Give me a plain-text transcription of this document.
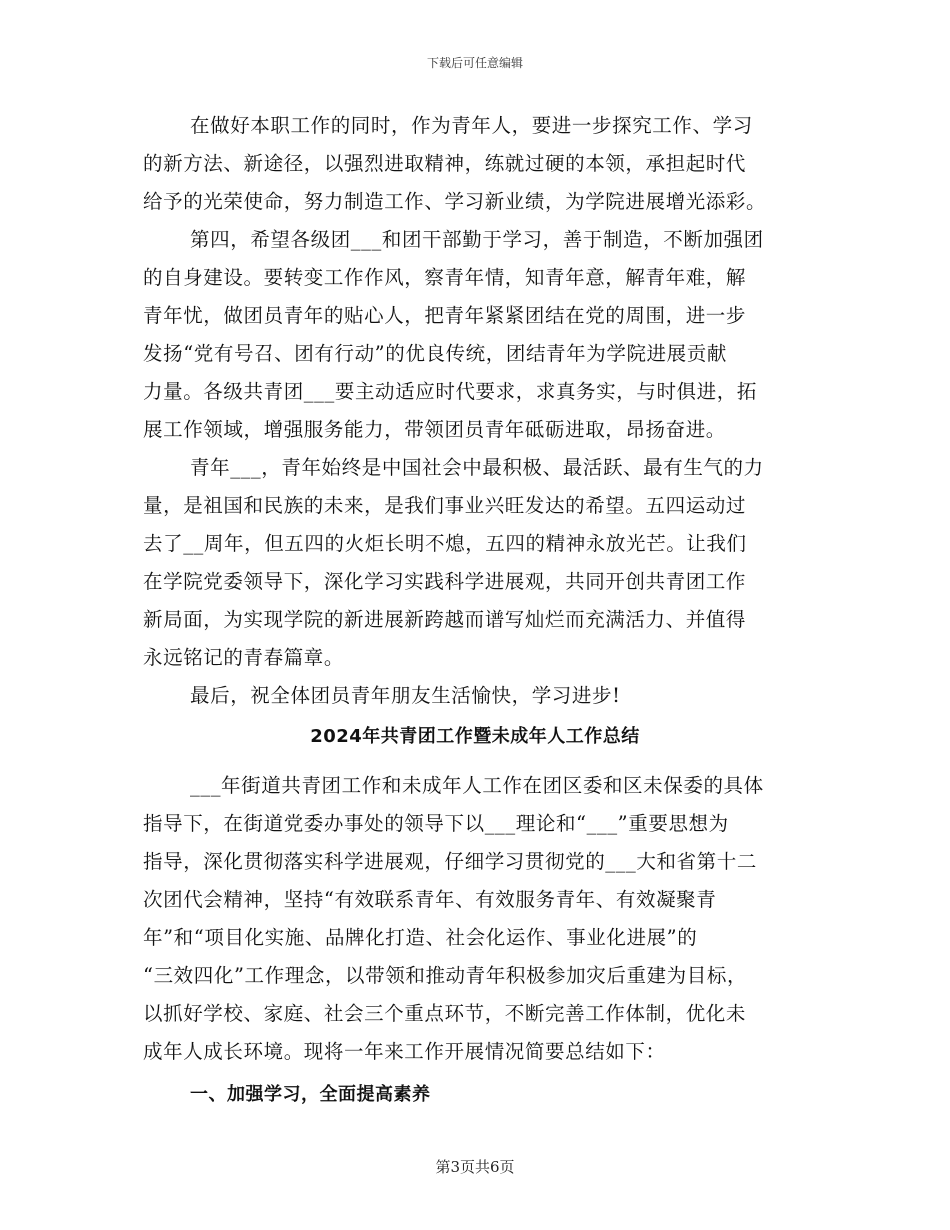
下载后可任意编辑
在做好本职工作的同时，作为青年人，要进一步探究工作、学习
的新方法、新途径，以强烈进取精神，练就过硬的本领，承担起时代
给予的光荣使命，努力制造工作、学习新业绩，为学院进展增光添彩。
第四，希望各级团___和团干部勤于学习，善于制造，不断加强团
的自身建设。要转变工作作风，察青年情，知青年意，解青年难，解
青年忧，做团员青年的贴心人，把青年紧紧团结在党的周围，进一步
发扬“党有号召、团有行动”的优良传统，团结青年为学院进展贡献
力量。各级共青团___要主动适应时代要求，求真务实，与时俱进，拓
展工作领域，增强服务能力，带领团员青年砥砺进取，昂扬奋进。
青年___，青年始终是中国社会中最积极、最活跃、最有生气的力
量，是祖国和民族的未来，是我们事业兴旺发达的希望。五四运动过
去了__周年，但五四的火炬长明不熄，五四的精神永放光芒。让我们
在学院党委领导下，深化学习实践科学进展观，共同开创共青团工作
新局面，为实现学院的新进展新跨越而谱写灿烂而充满活力、并值得
永远铭记的青春篇章。
最后，祝全体团员青年朋友生活愉快，学习进步!
2024年共青团工作暨未成年人工作总结
___年街道共青团工作和未成年人工作在团区委和区未保委的具体
指导下，在街道党委办事处的领导下以___理论和“___”重要思想为
指导，深化贯彻落实科学进展观，仔细学习贯彻党的___大和省第十二
次团代会精神，坚持“有效联系青年、有效服务青年、有效凝聚青
年”和“项目化实施、品牌化打造、社会化运作、事业化进展”的
“三效四化”工作理念，以带领和推动青年积极参加灾后重建为目标，
以抓好学校、家庭、社会三个重点环节，不断完善工作体制，优化未
成年人成长环境。现将一年来工作开展情况简要总结如下：
一、加强学习，全面提高素养
第3页共6页
